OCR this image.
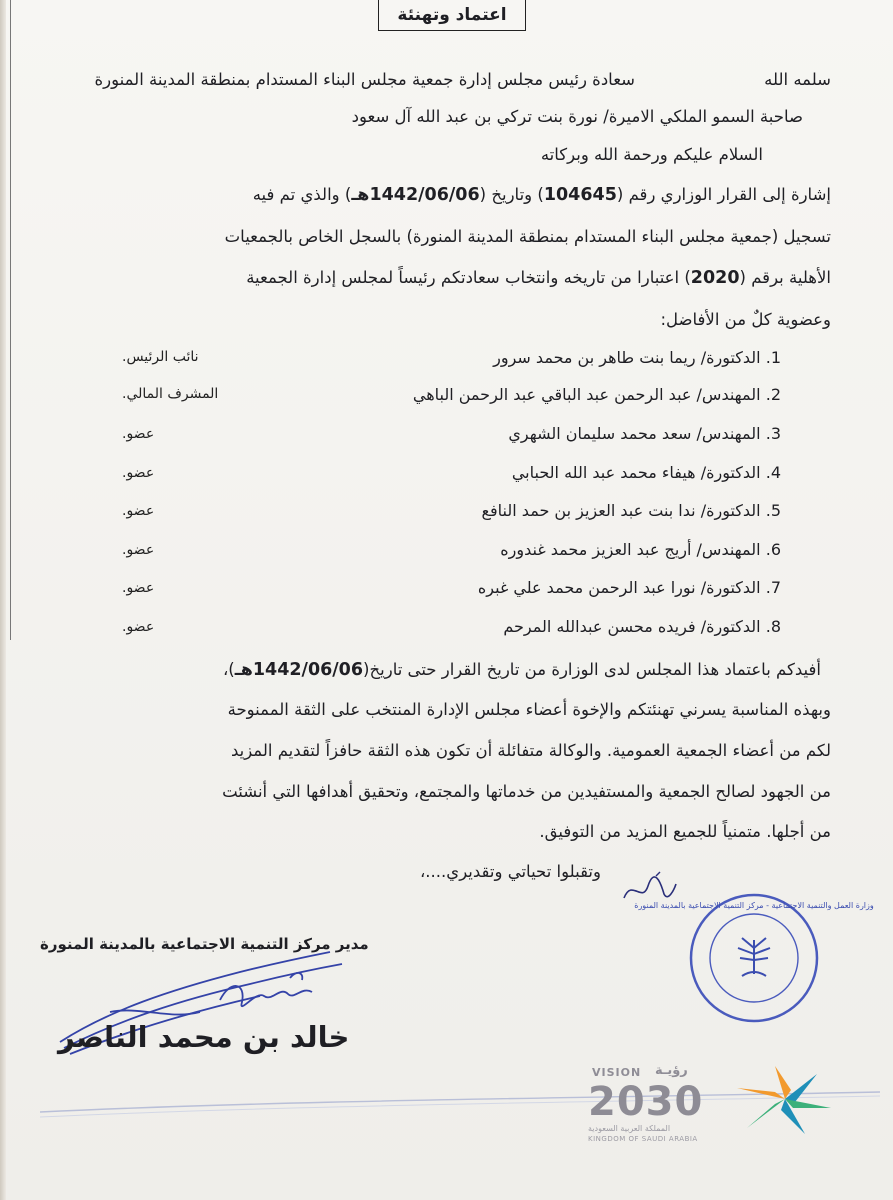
اعتماد وتهنئة
سعادة رئيس مجلس إدارة جمعية مجلس البناء المستدام بمنطقة المدينة المنورة	سلمه الله
صاحبة السمو الملكي الاميرة/ نورة بنت تركي بن عبد الله آل سعود
السلام عليكم ورحمة الله وبركاته
إشارة إلى القرار الوزاري رقم (104645) وتاريخ (1442/06/06هـ) والذي تم فيه
تسجيل (جمعية مجلس البناء المستدام بمنطقة المدينة المنورة) بالسجل الخاص بالجمعيات
الأهلية برقم (2020) اعتبارا من تاريخه وانتخاب سعادتكم رئيساً لمجلس إدارة الجمعية
وعضوية كلٌ من الأفاضل:
1. الدكتورة/ ريما بنت طاهر بن محمد سرور
نائب الرئيس.
2. المهندس/ عبد الرحمن عبد الباقي عبد الرحمن الباهي
المشرف المالي.
3. المهندس/ سعد محمد سليمان الشهري
عضو.
4. الدكتورة/ هيفاء محمد عبد الله الحبابي
عضو.
5. الدكتورة/ ندا بنت عبد العزيز بن حمد النافع
عضو.
6. المهندس/ أريج عبد العزيز محمد غندوره
عضو.
7. الدكتورة/ نورا عبد الرحمن محمد علي غبره
عضو.
8. الدكتورة/ فريده محسن عبدالله المرحم
عضو.
أفيدكم باعتماد هذا المجلس لدى الوزارة من تاريخ القرار حتى تاريخ(1442/06/06هـ)،
وبهذه المناسبة يسرني تهنئتكم والإخوة أعضاء مجلس الإدارة المنتخب على الثقة الممنوحة
لكم من أعضاء الجمعية العمومية. والوكالة متفائلة أن تكون هذه الثقة حافزاً لتقديم المزيد
من الجهود لصالح الجمعية والمستفيدين من خدماتها والمجتمع، وتحقيق أهدافها التي أنشئت
من أجلها. متمنياً للجميع المزيد من التوفيق.
وتقبلوا تحياتي وتقديري....،
وزارة العمل والتنمية الاجتماعية - مركز التنمية الاجتماعية بالمدينة المنورة
مدير مركز التنمية الاجتماعية بالمدينة المنورة
خالد بن محمد الناصر
VISION رؤيـة
2030
المملكة العربية السعودية
KINGDOM OF SAUDI ARABIA
